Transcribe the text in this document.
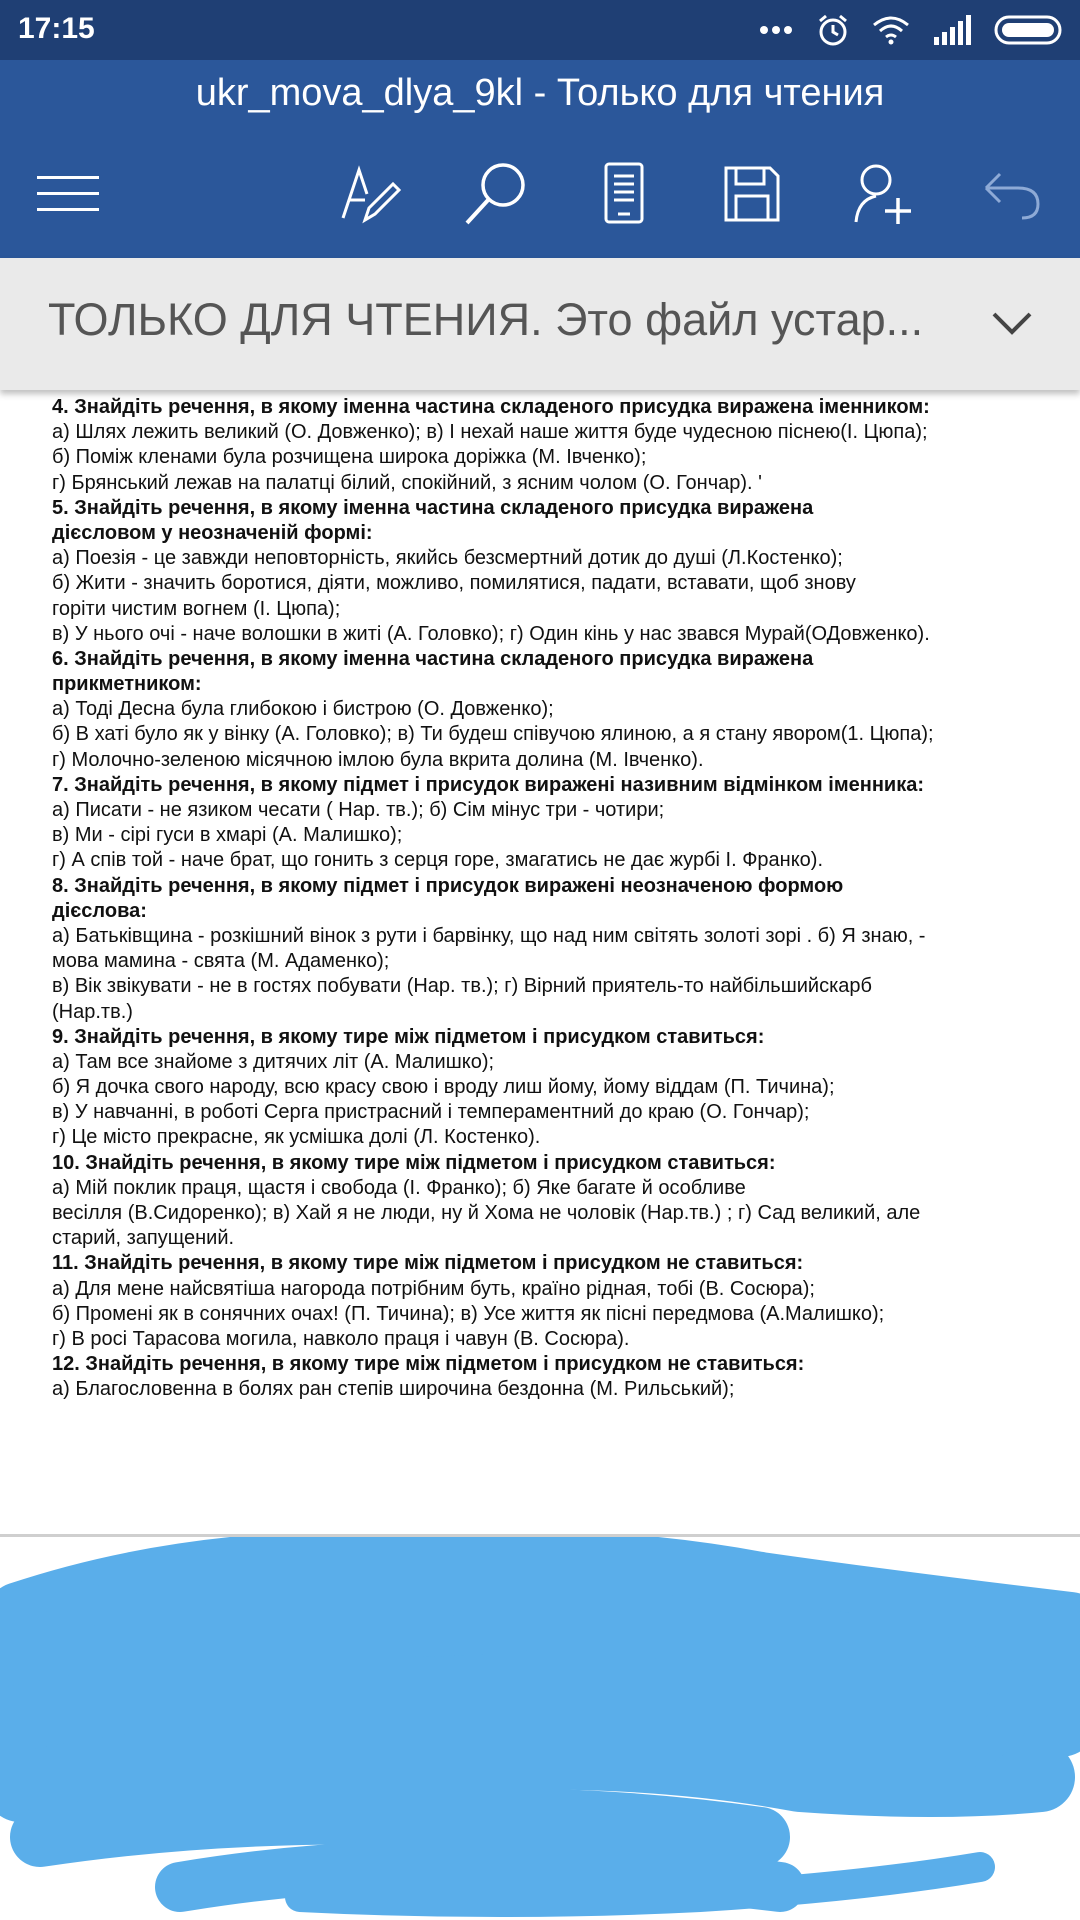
17:15
ukr_mova_dlya_9kl - Только для чтения
ТОЛЬКО ДЛЯ ЧТЕНИЯ. Это файл устар...
4. Знайдіть речення, в якому іменна частина складеного присудка виражена іменником:
а) Шлях лежить великий (О. Довженко); в) І нехай наше життя буде чудесною піснею(І. Цюпа);
б) Поміж кленами була розчищена широка доріжка (М. Івченко);
г) Брянський лежав на палатці білий, спокійний, з ясним чолом (О. Гончар). '
5. Знайдіть речення, в якому іменна частина складеного присудка виражена
дієсловом у неозначеній формі:
а) Поезія - це завжди неповторність, якийсь безсмертний дотик до душі (Л.Костенко);
б) Жити - значить боротися, діяти, можливо, помилятися, падати, вставати, щоб знову
горіти чистим вогнем (І. Цюпа);
в) У нього очі - наче волошки в житі (А. Головко); г) Один кінь у нас звався Мурай(ОДовженко).
6. Знайдіть речення, в якому іменна частина складеного присудка виражена
прикметником:
а) Тоді Десна була глибокою і бистрою (О. Довженко);
б) В хаті було як у вінку (А. Головко); в) Ти будеш співучою ялиною, а я стану явором(1. Цюпа);
г) Молочно-зеленою місячною імлою була вкрита долина (М. Івченко).
7. Знайдіть речення, в якому підмет і присудок виражені називним відмінком іменника:
а) Писати - не язиком чесати ( Нар. тв.); б) Сім мінус три - чотири;
в) Ми - сірі гуси в хмарі (А. Малишко);
г) А спів той - наче брат, що гонить з серця горе, змагатись не дає журбі І. Франко).
8. Знайдіть речення, в якому підмет і присудок виражені неозначеною формою
дієслова:
а) Батьківщина - розкішний вінок з рути і барвінку, що над ним світять золоті зорі . б) Я знаю, -
мова мамина - свята (М. Адаменко);
в) Вік звікувати - не в гостях побувати (Нар. тв.); г) Вірний приятель-то найбільшийскарб
(Нар.тв.)
9. Знайдіть речення, в якому тире між підметом і присудком ставиться:
а) Там все знайоме з дитячих літ (А. Малишко);
б) Я дочка свого народу, всю красу свою і вроду лиш йому, йому віддам (П. Тичина);
в) У навчанні, в роботі Серга пристрасний і темпераментний до краю (О. Гончар);
г) Це місто прекрасне, як усмішка долі (Л. Костенко).
10. Знайдіть речення, в якому тире між підметом і присудком ставиться:
а) Мій поклик праця, щастя і свобода (І. Франко); б) Яке багате й особливе
весілля (В.Сидоренко); в) Хай я не люди, ну й Хома не чоловік (Нар.тв.) ; г) Сад великий, але
старий, запущений.
11. Знайдіть речення, в якому тире між підметом і присудком не ставиться:
а) Для мене найсвятіша нагорода потрібним буть, країно рідная, тобі (В. Сосюра);
б) Промені як в сонячних очах! (П. Тичина); в) Усе життя як пісні передмова (А.Малишко);
г) В росі Тарасова могила, навколо праця і чавун (В. Сосюра).
12. Знайдіть речення, в якому тире між підметом і присудком не ставиться:
а) Благословенна в болях ран степів широчина бездонна (М. Рильський);
охопила лиска півника
о),
г) Хоч не
),
